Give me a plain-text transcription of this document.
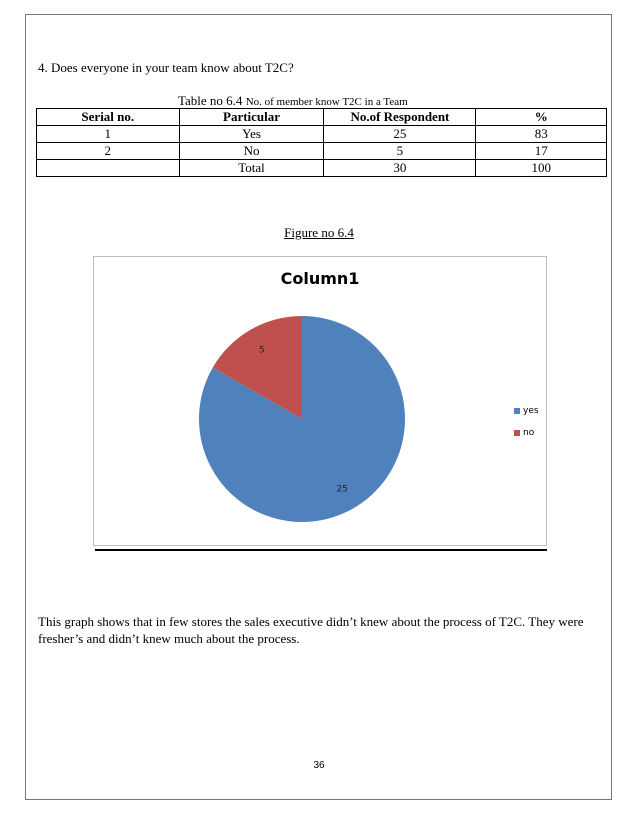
4. Does everyone in your team know about T2C?
Table no 6.4 No. of member know T2C in a Team
Serial no.	Particular	No.of Respondent	%
1	Yes	25	83
2	No	5	17
	Total	30	100
Figure no 6.4
Column1
25
5
yes
no
This graph shows that in few stores the sales executive didn’t knew about the process of T2C. They were fresher’s and didn’t knew much about the process.
36
